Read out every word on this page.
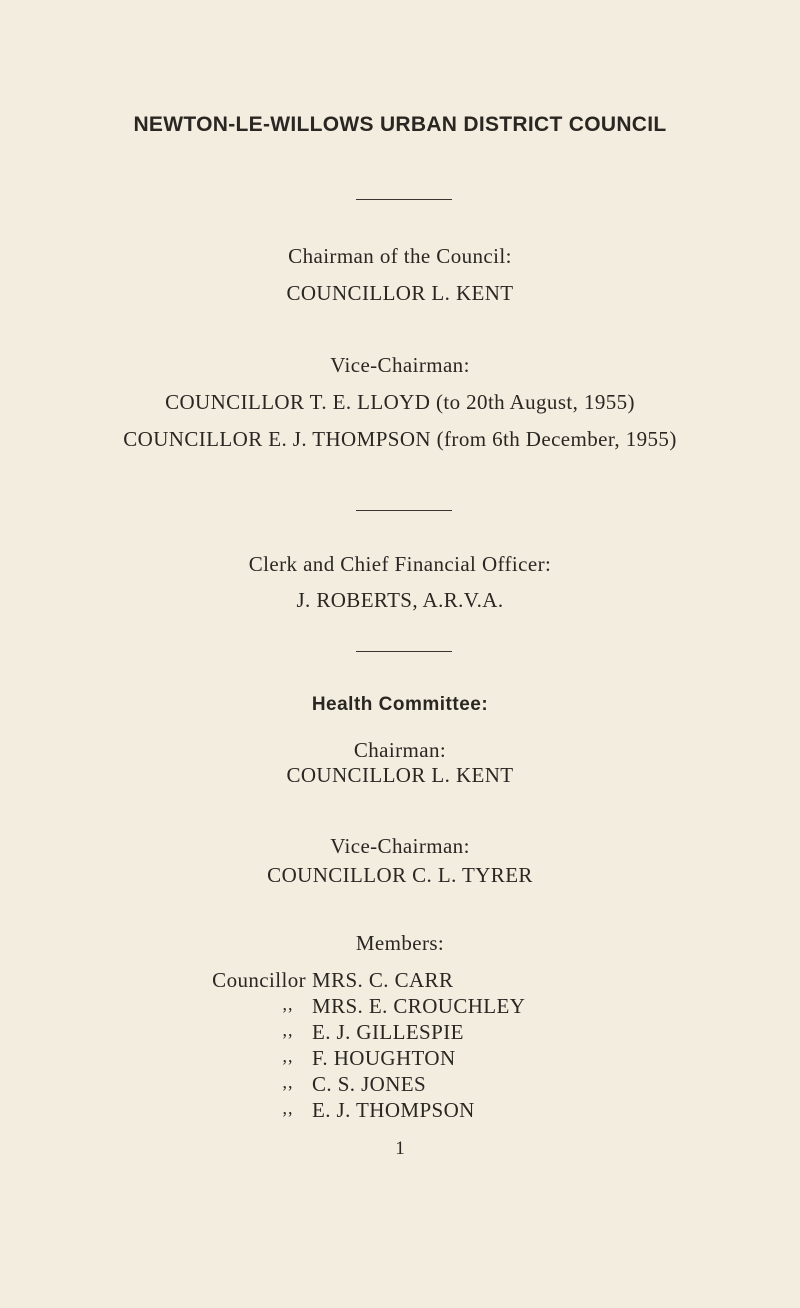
NEWTON-LE-WILLOWS URBAN DISTRICT COUNCIL
Chairman of the Council:
COUNCILLOR L. KENT
Vice-Chairman:
COUNCILLOR T. E. LLOYD (to 20th August, 1955)
COUNCILLOR E. J. THOMPSON (from 6th December, 1955)
Clerk and Chief Financial Officer:
J. ROBERTS, A.R.V.A.
Health Committee:
Chairman:
COUNCILLOR L. KENT
Vice-Chairman:
COUNCILLOR C. L. TYRER
Members:
Councillor MRS. C. CARR
,, MRS. E. CROUCHLEY
,, E. J. GILLESPIE
,, F. HOUGHTON
,, C. S. JONES
,, E. J. THOMPSON
1
